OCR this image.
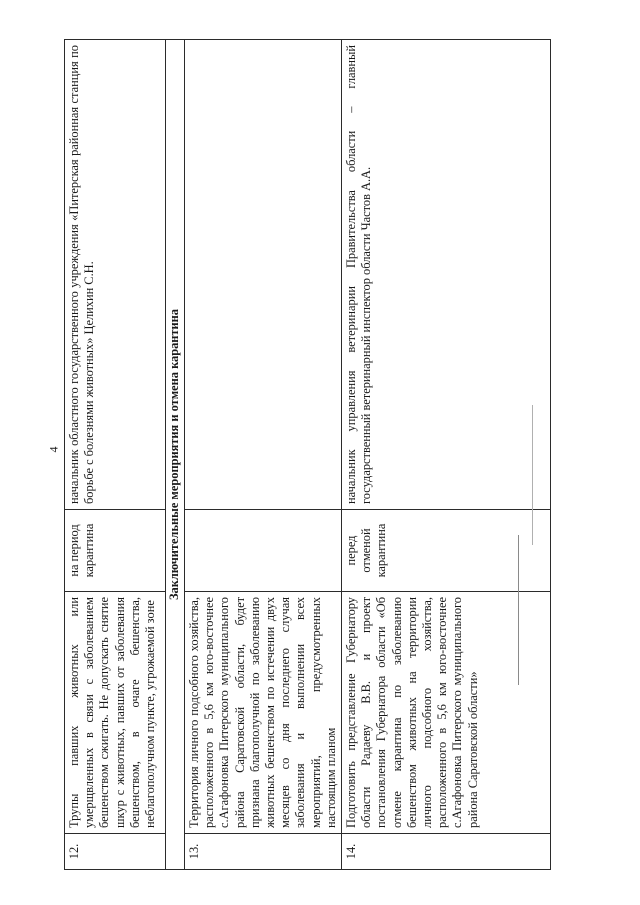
4
12.	Трупы павших животных или умерщвленных в связи с заболеванием бешенством сжигать. Не допускать снятие шкур с животных, павших от заболевания бешенством, в очаге бешенства, неблагополучном пункте, угрожаемой зоне	на период карантина	начальник областного государственного учреждения «Питерская районная станция по борьбе с болезнями животных» Целихин С.Н.
Заключительные мероприятия и отмена карантина			
13.	Территория личного подсобного хозяйства, расположенного в 5,6 км юго-восточнее с.Агафоновка Питерского муниципального района Саратовской области, будет признана благополучной по заболеванию животных бешенством по истечении двух месяцев со дня последнего случая заболевания и выполнении всех мероприятий, предусмотренных настоящим планом		
14.	Подготовить представление Губернатору области Радаеву В.В. и проект постановления Губернатора области «Об отмене карантина по заболеванию бешенством животных на территории личного подсобного хозяйства, расположенного в 5,6 км юго-восточнее с.Агафоновка Питерского муниципального района Саратовской области»	перед отменой карантина	начальник управления ветеринарии Правительства области – главный государственный ветеринарный инспектор области Частов А.А.
